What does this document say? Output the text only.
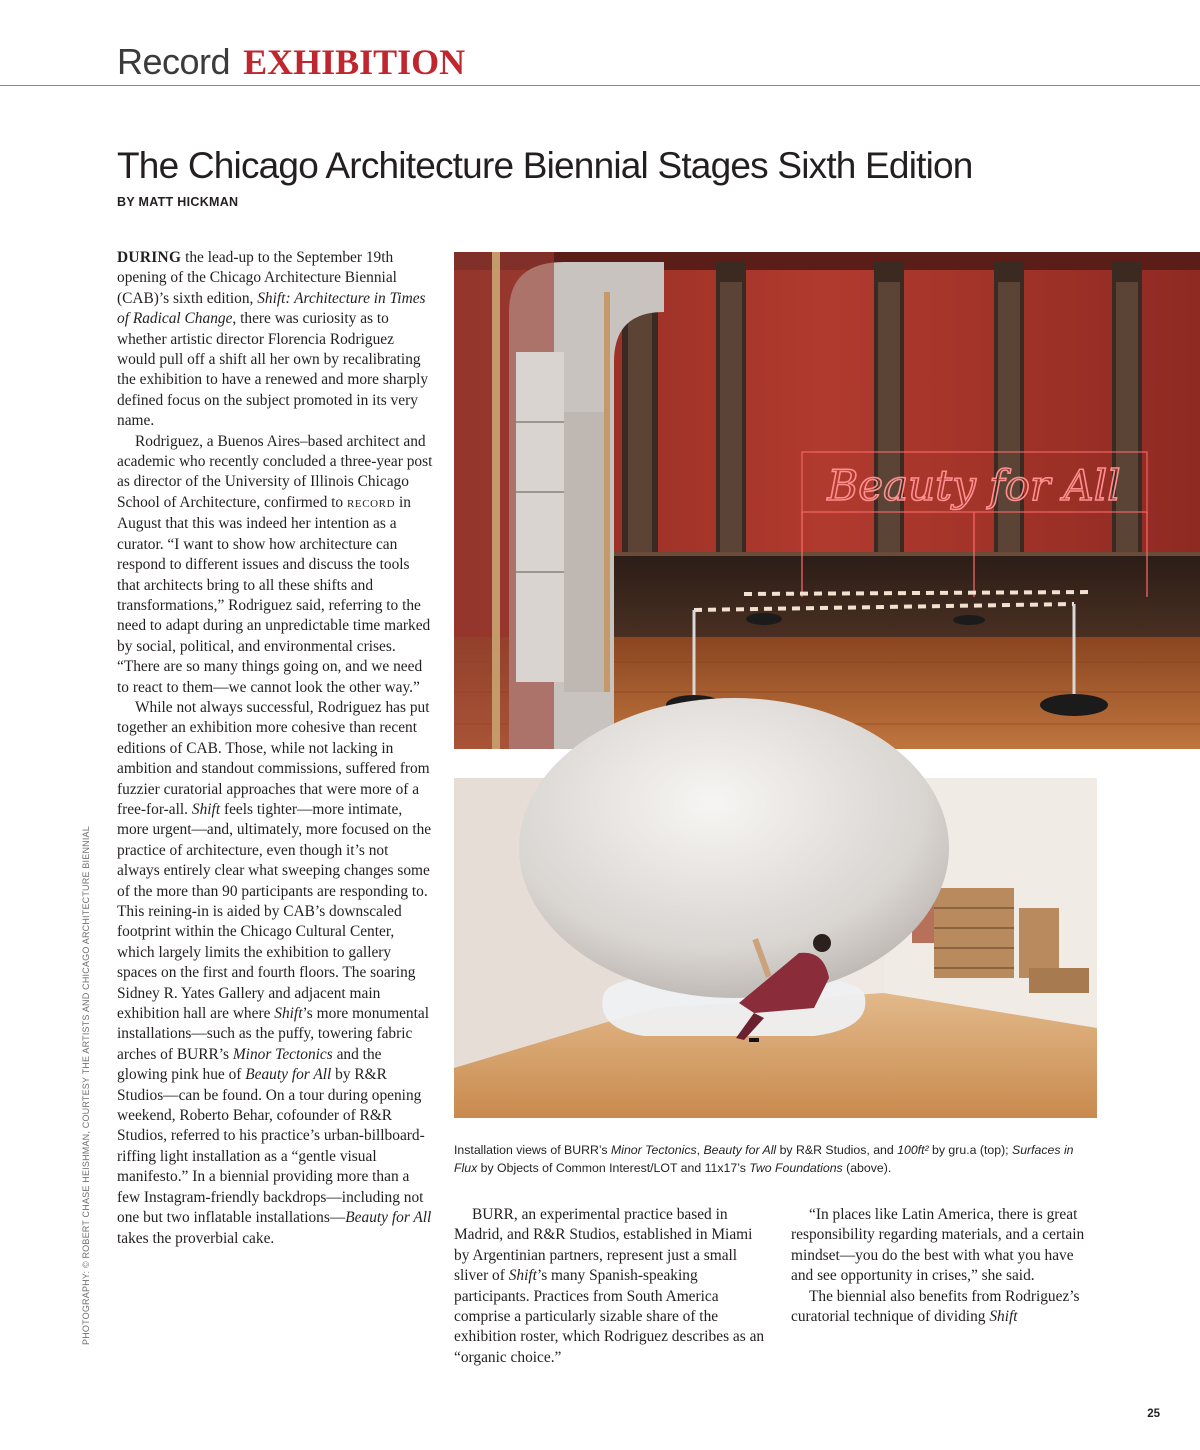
Record EXHIBITION
The Chicago Architecture Biennial Stages Sixth Edition
BY MATT HICKMAN
PHOTOGRAPHY: © ROBERT CHASE HEISHMAN, COURTESY THE ARTISTS AND CHICAGO ARCHITECTURE BIENNIAL

DURING the lead-up to the September 19th opening of the Chicago Architecture Biennial (CAB)’s sixth edition, Shift: Architecture in Times of Radical Change, there was curiosity as to whether artistic director Florencia Rodriguez would pull off a shift all her own by recalibrating the exhibition to have a renewed and more sharply defined focus on the subject promoted in its very name.

Rodriguez, a Buenos Aires–based architect and academic who recently concluded a three-year post as director of the University of Illinois Chicago School of Architecture, confirmed to RECORD in August that this was indeed her intention as a curator. “I want to show how architecture can respond to different issues and discuss the tools that architects bring to all these shifts and transformations,” Rodriguez said, referring to the need to adapt during an unpredictable time marked by social, political, and environmental crises. “There are so many things going on, and we need to react to them—we cannot look the other way.”

While not always successful, Rodriguez has put together an exhibition more cohesive than recent editions of CAB. Those, while not lacking in ambition and standout commissions, suffered from fuzzier curatorial approaches that were more of a free-for-all. Shift feels tighter—more intimate, more urgent—and, ultimately, more focused on the practice of architecture, even though it’s not always entirely clear what sweeping changes some of the more than 90 participants are responding to. This reining-in is aided by CAB’s downscaled footprint within the Chicago Cultural Center, which largely limits the exhibition to gallery spaces on the first and fourth floors. The soaring Sidney R. Yates Gallery and adjacent main exhibition hall are where Shift’s more monumental installations—such as the puffy, towering fabric arches of BURR’s Minor Tectonics and the glowing pink hue of Beauty for All by R&R Studios—can be found. On a tour during opening weekend, Roberto Behar, cofounder of R&R Studios, referred to his practice’s urban-billboard-riffing light installation as a “gentle visual manifesto.” In a biennial providing more than a few Instagram-friendly backdrops—including not one but two inflatable installations—Beauty for All takes the proverbial cake.

Beauty for All
Installation views of BURR’s Minor Tectonics, Beauty for All by R&R Studios, and 100ft² by gru.a (top); Surfaces in Flux by Objects of Common Interest/LOT and 11x17’s Two Foundations (above).

BURR, an experimental practice based in Madrid, and R&R Studios, established in Miami by Argentinian partners, represent just a small sliver of Shift’s many Spanish-speaking participants. Practices from South America comprise a particularly sizable share of the exhibition roster, which Rodriguez describes as an “organic choice.”

“In places like Latin America, there is great responsibility regarding materials, and a certain mindset—you do the best with what you have and see opportunity in crises,” she said.

The biennial also benefits from Rodriguez’s curatorial technique of dividing Shift

25
